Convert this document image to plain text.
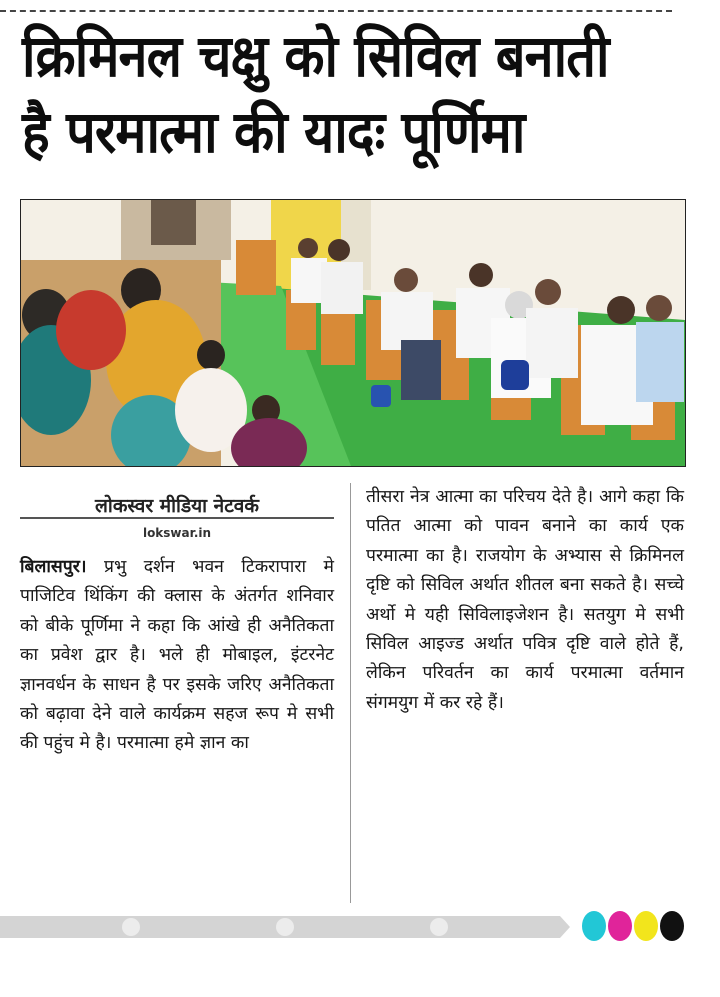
क्रिमिनल चक्षु को सिविल बनाती
है परमात्मा की यादः पूर्णिमा
लोकस्वर मीडिया नेटवर्क
lokswar.in
बिलासपुर। प्रभु दर्शन भवन टिकरापारा मे पाजिटिव थिंकिंग की क्लास के अंतर्गत शनिवार को बीके पूर्णिमा ने कहा कि आंखे ही अनैतिकता का प्रवेश द्वार है। भले ही मोबाइल, इंटरनेट ज्ञानवर्धन के साधन है पर इसके जरिए अनैतिकता को बढ़ावा देने वाले कार्यक्रम सहज रूप मे सभी की पहुंच मे है। परमात्मा हमे ज्ञान का
तीसरा नेत्र आत्मा का परिचय देते है। आगे कहा कि पतित आत्मा को पावन बनाने का कार्य एक परमात्मा का है। राजयोग के अभ्यास से क्रिमिनल दृष्टि को सिविल अर्थात शीतल बना सकते है। सच्चे अर्थो मे यही सिविलाइजेशन है। सतयुग मे सभी सिविल आइज्ड अर्थात पवित्र दृष्टि वाले होते हैं, लेकिन परिवर्तन का कार्य परमात्मा वर्तमान संगमयुग में कर रहे हैं।
